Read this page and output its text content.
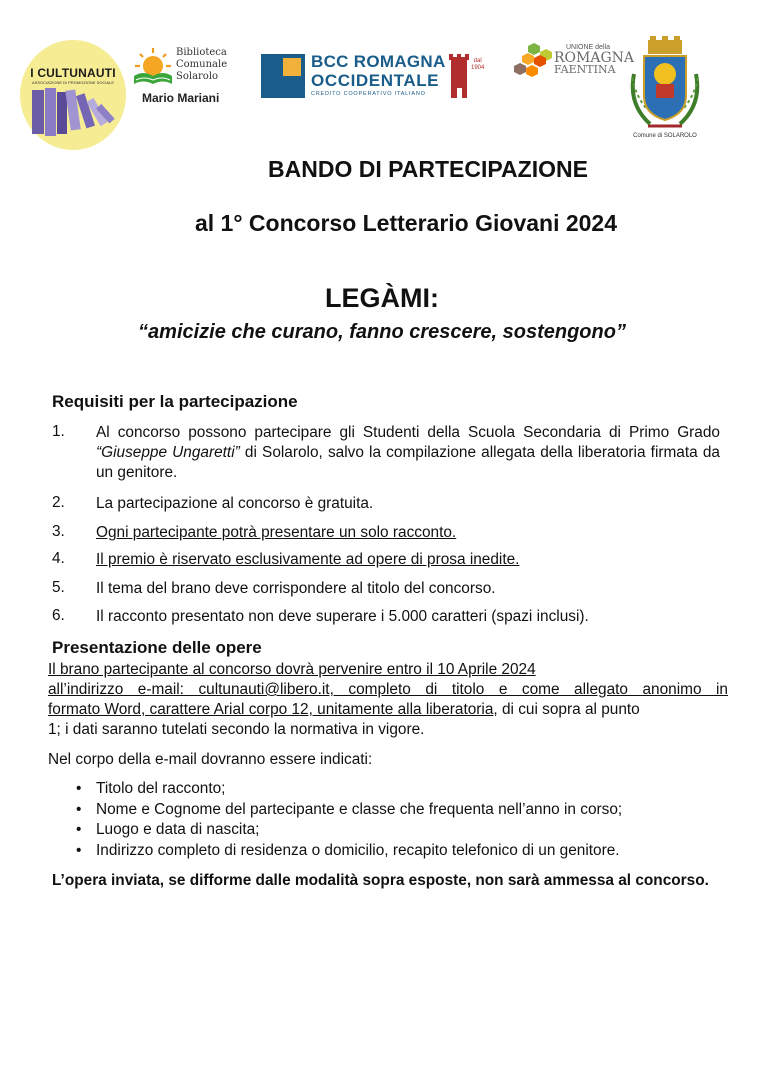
I CULTUNAUTI
ASSOCIAZIONE DI PROMOZIONE SOCIALE
Biblioteca
Comunale
Solarolo
Mario Mariani
BCC ROMAGNA
OCCIDENTALE
CREDITO COOPERATIVO ITALIANO
dal
1904
UNIONE della
ROMAGNA
FAENTINA
Comune di SOLAROLO
BANDO DI PARTECIPAZIONE
al 1° Concorso Letterario Giovani 2024
LEGÀMI:
“amicizie che curano, fanno crescere, sostengono”
Requisiti per la partecipazione
1. Al concorso possono partecipare gli Studenti della Scuola Secondaria di Primo Grado “Giuseppe Ungaretti” di Solarolo, salvo la compilazione allegata della liberatoria firmata da un genitore.
2. La partecipazione al concorso è gratuita.
3. Ogni partecipante potrà presentare un solo racconto.
4. Il premio è riservato esclusivamente ad opere di prosa inedite.
5. Il tema del brano deve corrispondere al titolo del concorso.
6. Il racconto presentato non deve superare i 5.000 caratteri (spazi inclusi).
Presentazione delle opere
Il brano partecipante al concorso dovrà pervenire entro il 10 Aprile 2024
all’indirizzo e-mail: cultunauti@libero.it, completo di titolo e come allegato anonimo in
formato Word, carattere Arial corpo 12, unitamente alla liberatoria, di cui sopra al punto
1; i dati saranno tutelati secondo la normativa in vigore.
Nel corpo della e-mail dovranno essere indicati:
• Titolo del racconto;
• Nome e Cognome del partecipante e classe che frequenta nell’anno in corso;
• Luogo e data di nascita;
• Indirizzo completo di residenza o domicilio, recapito telefonico di un genitore.
L’opera inviata, se difforme dalle modalità sopra esposte, non sarà ammessa al concorso.
